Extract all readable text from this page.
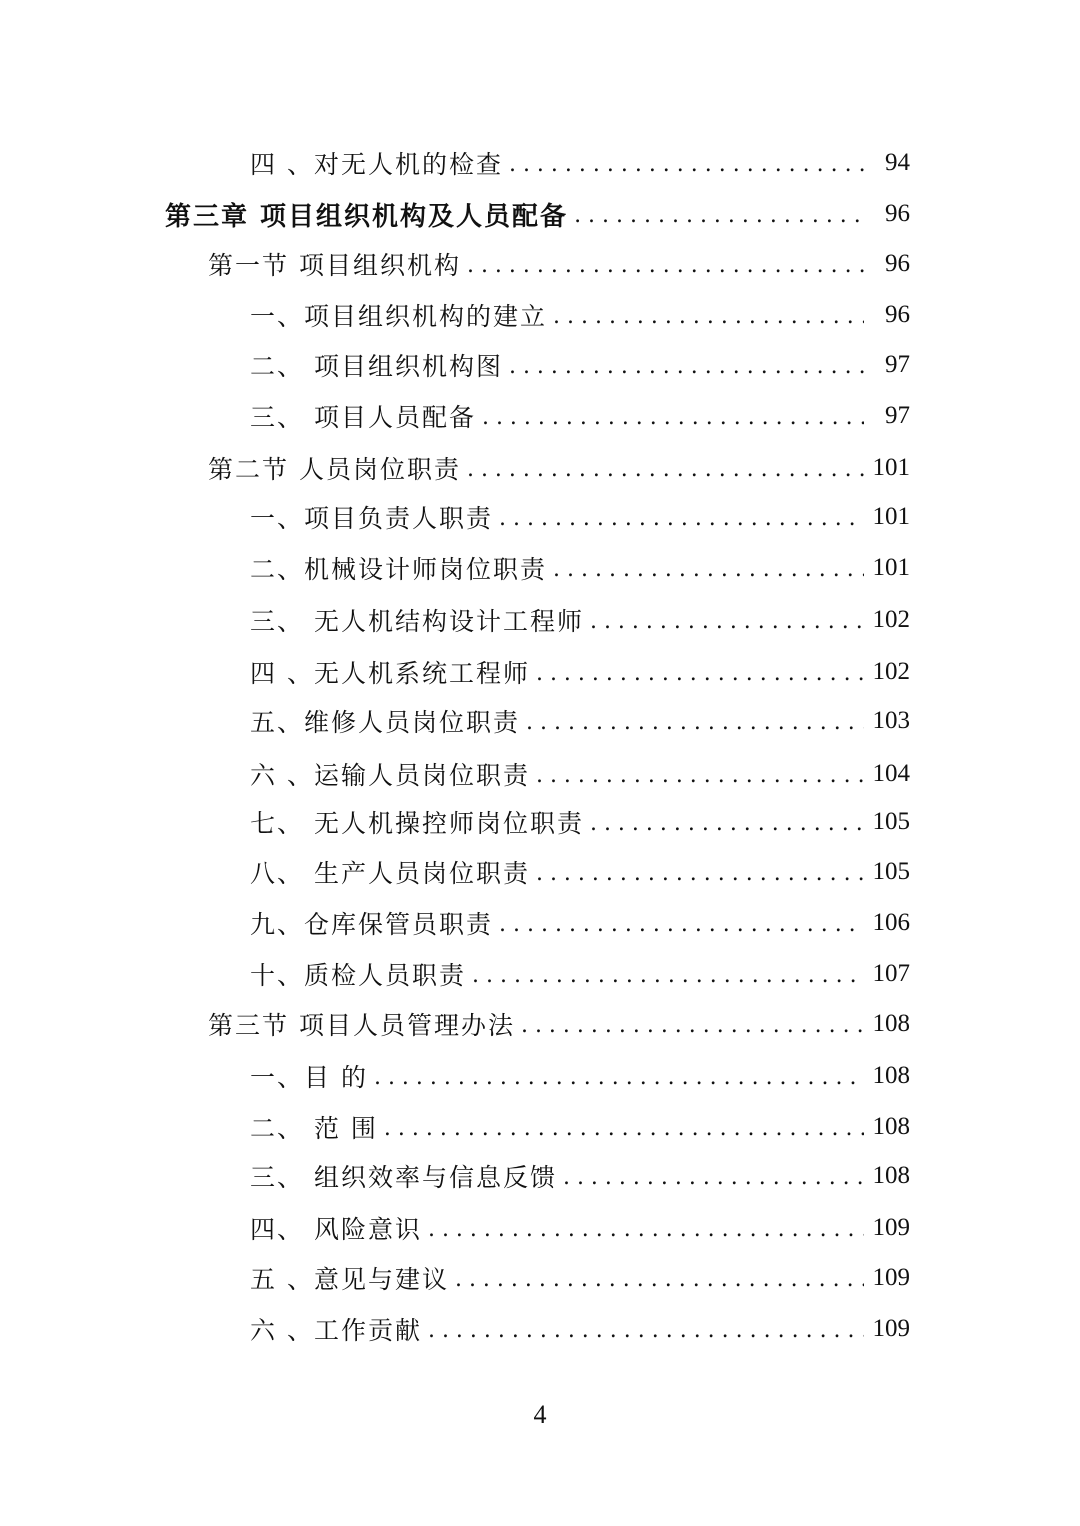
四 、对无人机的检查 . . .	94
第三章 项目组织机构及人员配备 . . .	96
第一节 项目组织机构 . . .	96
一、项目组织机构的建立 . . .	96
二、 项目组织机构图 . . .	97
三、 项目人员配备 . . .	97
第二节 人员岗位职责 . . .	101
一、项目负责人职责 . . .	101
二、机械设计师岗位职责 . . .	101
三、 无人机结构设计工程师 . . .	102
四 、无人机系统工程师 . . .	102
五、维修人员岗位职责 . . .	103
六 、运输人员岗位职责 . . .	104
七、 无人机操控师岗位职责 . . .	105
八、 生产人员岗位职责 . . .	105
九、仓库保管员职责 . . .	106
十、质检人员职责 . . .	107
第三节 项目人员管理办法 . . .	108
一、目 的 . . .	108
二、 范 围 . . .	108
三、 组织效率与信息反馈 . . .	108
四、 风险意识 . . .	109
五 、意见与建议 . . .	109
六 、工作贡献 . . .	109
4
